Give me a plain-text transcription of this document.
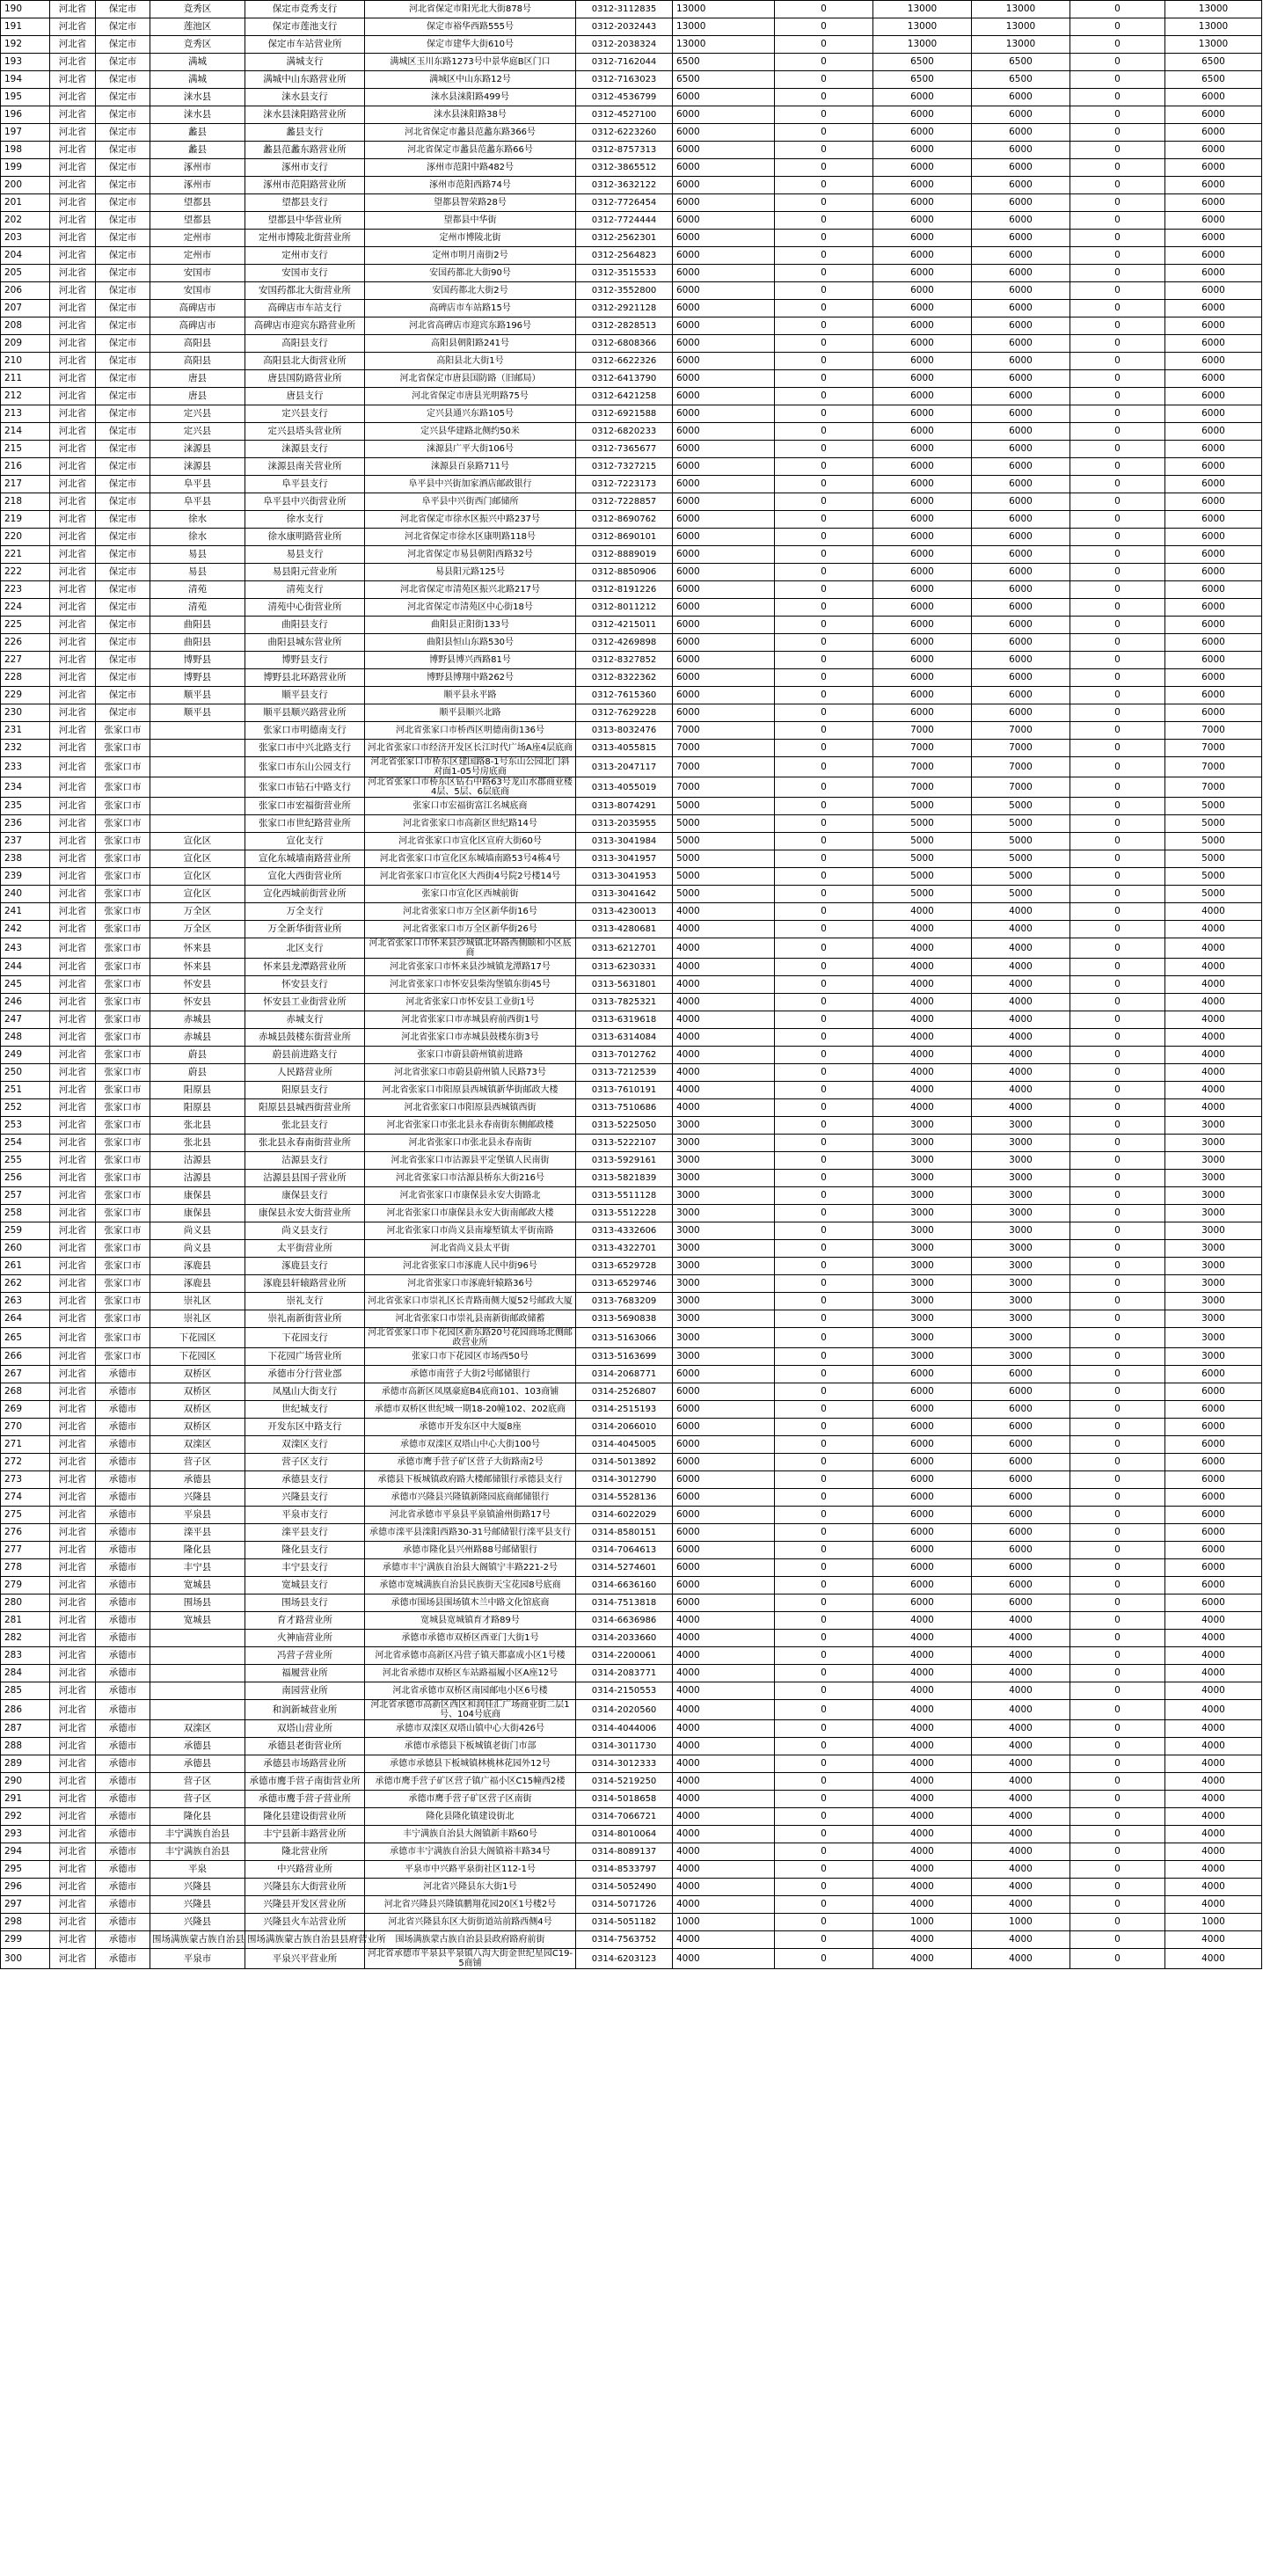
190	河北省	保定市	竞秀区	保定市竞秀支行	河北省保定市阳光北大街878号	0312-3112835	13000	0	13000	13000	0	13000
191	河北省	保定市	莲池区	保定市莲池支行	保定市裕华西路555号	0312-2032443	13000	0	13000	13000	0	13000
192	河北省	保定市	竞秀区	保定市车站营业所	保定市建华大街610号	0312-2038324	13000	0	13000	13000	0	13000
193	河北省	保定市	满城	满城支行	满城区玉川东路1273号中景华庭B区门口	0312-7162044	6500	0	6500	6500	0	6500
194	河北省	保定市	满城	满城中山东路营业所	满城区中山东路12号	0312-7163023	6500	0	6500	6500	0	6500
195	河北省	保定市	涞水县	涞水县支行	涞水县涞阳路499号	0312-4536799	6000	0	6000	6000	0	6000
196	河北省	保定市	涞水县	涞水县涞阳路营业所	涞水县涞阳路38号	0312-4527100	6000	0	6000	6000	0	6000
197	河北省	保定市	蠡县	蠡县支行	河北省保定市蠡县范蠡东路366号	0312-6223260	6000	0	6000	6000	0	6000
198	河北省	保定市	蠡县	蠡县范蠡东路营业所	河北省保定市蠡县范蠡东路66号	0312-8757313	6000	0	6000	6000	0	6000
199	河北省	保定市	涿州市	涿州市支行	涿州市范阳中路482号	0312-3865512	6000	0	6000	6000	0	6000
200	河北省	保定市	涿州市	涿州市范阳路营业所	涿州市范阳西路74号	0312-3632122	6000	0	6000	6000	0	6000
201	河北省	保定市	望都县	望都县支行	望都县智荣路28号	0312-7726454	6000	0	6000	6000	0	6000
202	河北省	保定市	望都县	望都县中华营业所	望都县中华街	0312-7724444	6000	0	6000	6000	0	6000
203	河北省	保定市	定州市	定州市博陵北街营业所	定州市博陵北街	0312-2562301	6000	0	6000	6000	0	6000
204	河北省	保定市	定州市	定州市支行	定州市明月南街2号	0312-2564823	6000	0	6000	6000	0	6000
205	河北省	保定市	安国市	安国市支行	安国药都北大街90号	0312-3515533	6000	0	6000	6000	0	6000
206	河北省	保定市	安国市	安国药都北大街营业所	安国药都北大街2号	0312-3552800	6000	0	6000	6000	0	6000
207	河北省	保定市	高碑店市	高碑店市车站支行	高碑店市车站路15号	0312-2921128	6000	0	6000	6000	0	6000
208	河北省	保定市	高碑店市	高碑店市迎宾东路营业所	河北省高碑店市迎宾东路196号	0312-2828513	6000	0	6000	6000	0	6000
209	河北省	保定市	高阳县	高阳县支行	高阳县朝阳路241号	0312-6808366	6000	0	6000	6000	0	6000
210	河北省	保定市	高阳县	高阳县北大街营业所	高阳县北大街1号	0312-6622326	6000	0	6000	6000	0	6000
211	河北省	保定市	唐县	唐县国防路营业所	河北省保定市唐县国防路（旧邮局）	0312-6413790	6000	0	6000	6000	0	6000
212	河北省	保定市	唐县	唐县支行	河北省保定市唐县光明路75号	0312-6421258	6000	0	6000	6000	0	6000
213	河北省	保定市	定兴县	定兴县支行	定兴县通兴东路105号	0312-6921588	6000	0	6000	6000	0	6000
214	河北省	保定市	定兴县	定兴县塔头营业所	定兴县华建路北侧约50米	0312-6820233	6000	0	6000	6000	0	6000
215	河北省	保定市	涞源县	涞源县支行	涞源县广平大街106号	0312-7365677	6000	0	6000	6000	0	6000
216	河北省	保定市	涞源县	涞源县南关营业所	涞源县百泉路711号	0312-7327215	6000	0	6000	6000	0	6000
217	河北省	保定市	阜平县	阜平县支行	阜平县中兴街加家酒店邮政银行	0312-7223173	6000	0	6000	6000	0	6000
218	河北省	保定市	阜平县	阜平县中兴街营业所	阜平县中兴街西门邮储所	0312-7228857	6000	0	6000	6000	0	6000
219	河北省	保定市	徐水	徐水支行	河北省保定市徐水区振兴中路237号	0312-8690762	6000	0	6000	6000	0	6000
220	河北省	保定市	徐水	徐水康明路营业所	河北省保定市徐水区康明路118号	0312-8690101	6000	0	6000	6000	0	6000
221	河北省	保定市	易县	易县支行	河北省保定市易县朝阳西路32号	0312-8889019	6000	0	6000	6000	0	6000
222	河北省	保定市	易县	易县阳元营业所	易县阳元路125号	0312-8850906	6000	0	6000	6000	0	6000
223	河北省	保定市	清苑	清苑支行	河北省保定市清苑区振兴北路217号	0312-8191226	6000	0	6000	6000	0	6000
224	河北省	保定市	清苑	清苑中心街营业所	河北省保定市清苑区中心街18号	0312-8011212	6000	0	6000	6000	0	6000
225	河北省	保定市	曲阳县	曲阳县支行	曲阳县正阳街133号	0312-4215011	6000	0	6000	6000	0	6000
226	河北省	保定市	曲阳县	曲阳县城东营业所	曲阳县恒山东路530号	0312-4269898	6000	0	6000	6000	0	6000
227	河北省	保定市	博野县	博野县支行	博野县博兴西路81号	0312-8327852	6000	0	6000	6000	0	6000
228	河北省	保定市	博野县	博野县北环路营业所	博野县博翔中路262号	0312-8322362	6000	0	6000	6000	0	6000
229	河北省	保定市	顺平县	顺平县支行	顺平县永平路	0312-7615360	6000	0	6000	6000	0	6000
230	河北省	保定市	顺平县	顺平县顺兴路营业所	顺平县顺兴北路	0312-7629228	6000	0	6000	6000	0	6000
231	河北省	张家口市		张家口市明德南支行	河北省张家口市桥西区明德南街136号	0313-8032476	7000	0	7000	7000	0	7000
232	河北省	张家口市		张家口市中兴北路支行	河北省张家口市经济开发区长江时代广场A座4层底商	0313-4055815	7000	0	7000	7000	0	7000
233	河北省	张家口市		张家口市东山公园支行	河北省张家口市桥东区建国路8-1号东山公园北门斜对面1-05号房底商	0313-2047117	7000	0	7000	7000	0	7000
234	河北省	张家口市		张家口市钻石中路支行	河北省张家口市桥东区钻石中路63号龙山水郡商业楼4层、5层、6层底商	0313-4055019	7000	0	7000	7000	0	7000
235	河北省	张家口市		张家口市宏福街营业所	张家口市宏福街富江名城底商	0313-8074291	5000	0	5000	5000	0	5000
236	河北省	张家口市		张家口市世纪路营业所	河北省张家口市高新区世纪路14号	0313-2035955	5000	0	5000	5000	0	5000
237	河北省	张家口市	宣化区	宣化支行	河北省张家口市宣化区宣府大街60号	0313-3041984	5000	0	5000	5000	0	5000
238	河北省	张家口市	宣化区	宣化东城墙南路营业所	河北省张家口市宣化区东城墙南路53号4栋4号	0313-3041957	5000	0	5000	5000	0	5000
239	河北省	张家口市	宣化区	宣化大西街营业所	河北省张家口市宣化区大西街4号院2号楼14号	0313-3041953	5000	0	5000	5000	0	5000
240	河北省	张家口市	宣化区	宣化西城前街营业所	张家口市宣化区西城前街	0313-3041642	5000	0	5000	5000	0	5000
241	河北省	张家口市	万全区	万全支行	河北省张家口市万全区新华街16号	0313-4230013	4000	0	4000	4000	0	4000
242	河北省	张家口市	万全区	万全新华街营业所	河北省张家口市万全区新华街26号	0313-4280681	4000	0	4000	4000	0	4000
243	河北省	张家口市	怀来县	北区支行	河北省张家口市怀来县沙城镇北环路西侧颐和小区底商	0313-6212701	4000	0	4000	4000	0	4000
244	河北省	张家口市	怀来县	怀来县龙潭路营业所	河北省张家口市怀来县沙城镇龙潭路17号	0313-6230331	4000	0	4000	4000	0	4000
245	河北省	张家口市	怀安县	怀安县支行	河北省张家口市怀安县柴沟堡镇东街45号	0313-5631801	4000	0	4000	4000	0	4000
246	河北省	张家口市	怀安县	怀安县工业街营业所	河北省张家口市怀安县工业街1号	0313-7825321	4000	0	4000	4000	0	4000
247	河北省	张家口市	赤城县	赤城支行	河北省张家口市赤城县府前西街1号	0313-6319618	4000	0	4000	4000	0	4000
248	河北省	张家口市	赤城县	赤城县鼓楼东街营业所	河北省张家口市赤城县鼓楼东街3号	0313-6314084	4000	0	4000	4000	0	4000
249	河北省	张家口市	蔚县	蔚县前进路支行	张家口市蔚县蔚州镇前进路	0313-7012762	4000	0	4000	4000	0	4000
250	河北省	张家口市	蔚县	人民路营业所	河北省张家口市蔚县蔚州镇人民路73号	0313-7212539	4000	0	4000	4000	0	4000
251	河北省	张家口市	阳原县	阳原县支行	河北省张家口市阳原县西城镇新华街邮政大楼	0313-7610191	4000	0	4000	4000	0	4000
252	河北省	张家口市	阳原县	阳原县县城西街营业所	河北省张家口市阳原县西城镇西街	0313-7510686	4000	0	4000	4000	0	4000
253	河北省	张家口市	张北县	张北县支行	河北省张家口市张北县永春南街东侧邮政楼	0313-5225050	3000	0	3000	3000	0	3000
254	河北省	张家口市	张北县	张北县永春南街营业所	河北省张家口市张北县永春南街	0313-5222107	3000	0	3000	3000	0	3000
255	河北省	张家口市	沽源县	沽源县支行	河北省张家口市沽源县平定堡镇人民南街	0313-5929161	3000	0	3000	3000	0	3000
256	河北省	张家口市	沽源县	沽源县县国子营业所	河北省张家口市沽源县桥东大街216号	0313-5821839	3000	0	3000	3000	0	3000
257	河北省	张家口市	康保县	康保县支行	河北省张家口市康保县永安大街路北	0313-5511128	3000	0	3000	3000	0	3000
258	河北省	张家口市	康保县	康保县永安大街营业所	河北省张家口市康保县永安大街南邮政大楼	0313-5512228	3000	0	3000	3000	0	3000
259	河北省	张家口市	尚义县	尚义县支行	河北省张家口市尚义县南壕堑镇太平街南路	0313-4332606	3000	0	3000	3000	0	3000
260	河北省	张家口市	尚义县	太平街营业所	河北省尚义县太平街	0313-4322701	3000	0	3000	3000	0	3000
261	河北省	张家口市	涿鹿县	涿鹿县支行	河北省张家口市涿鹿人民中街96号	0313-6529728	3000	0	3000	3000	0	3000
262	河北省	张家口市	涿鹿县	涿鹿县轩辕路营业所	河北省张家口市涿鹿轩辕路36号	0313-6529746	3000	0	3000	3000	0	3000
263	河北省	张家口市	崇礼区	崇礼支行	河北省张家口市崇礼区长青路南侧大厦52号邮政大厦	0313-7683209	3000	0	3000	3000	0	3000
264	河北省	张家口市	崇礼区	崇礼南新街营业所	河北省张家口市崇礼县南新街邮政储蓄	0313-5690838	3000	0	3000	3000	0	3000
265	河北省	张家口市	下花园区	下花园支行	河北省张家口市下花园区新东路20号花园商场北侧邮政营业所	0313-5163066	3000	0	3000	3000	0	3000
266	河北省	张家口市	下花园区	下花园广场营业所	张家口市下花园区市场西50号	0313-5163699	3000	0	3000	3000	0	3000
267	河北省	承德市	双桥区	承德市分行营业部	承德市南营子大街2号邮储银行	0314-2068771	6000	0	6000	6000	0	6000
268	河北省	承德市	双桥区	凤凰山大街支行	承德市高新区凤凰豪庭B4底商101、103商铺	0314-2526807	6000	0	6000	6000	0	6000
269	河北省	承德市	双桥区	世纪城支行	承德市双桥区世纪城一期18-20幢102、202底商	0314-2515193	6000	0	6000	6000	0	6000
270	河北省	承德市	双桥区	开发东区中路支行	承德市开发东区中大厦8座	0314-2066010	6000	0	6000	6000	0	6000
271	河北省	承德市	双滦区	双滦区支行	承德市双滦区双塔山中心大街100号	0314-4045005	6000	0	6000	6000	0	6000
272	河北省	承德市	营子区	营子区支行	承德市鹰手营子矿区营子大街路南2号	0314-5013892	6000	0	6000	6000	0	6000
273	河北省	承德市	承德县	承德县支行	承德县下板城镇政府路大楼邮储银行承德县支行	0314-3012790	6000	0	6000	6000	0	6000
274	河北省	承德市	兴隆县	兴隆县支行	承德市兴隆县兴隆镇新隆园底商邮储银行	0314-5528136	6000	0	6000	6000	0	6000
275	河北省	承德市	平泉县	平泉市支行	河北省承德市平泉县平泉镇渝州街路17号	0314-6022029	6000	0	6000	6000	0	6000
276	河北省	承德市	滦平县	滦平县支行	承德市滦平县滦阳西路30-31号邮储银行滦平县支行	0314-8580151	6000	0	6000	6000	0	6000
277	河北省	承德市	隆化县	隆化县支行	承德市隆化县兴州路88号邮储银行	0314-7064613	6000	0	6000	6000	0	6000
278	河北省	承德市	丰宁县	丰宁县支行	承德市丰宁满族自治县大阁镇宁丰路221-2号	0314-5274601	6000	0	6000	6000	0	6000
279	河北省	承德市	宽城县	宽城县支行	承德市宽城满族自治县民族街天宝花园8号底商	0314-6636160	6000	0	6000	6000	0	6000
280	河北省	承德市	围场县	围场县支行	承德市围场县围场镇木兰中路文化馆底商	0314-7513818	6000	0	6000	6000	0	6000
281	河北省	承德市	宽城县	育才路营业所	宽城县宽城镇育才路89号	0314-6636986	4000	0	4000	4000	0	4000
282	河北省	承德市		火神庙营业所	承德市承德市双桥区西亚门大街1号	0314-2033660	4000	0	4000	4000	0	4000
283	河北省	承德市		冯营子营业所	河北省承德市高新区冯营子镇天都嘉成小区1号楼	0314-2200061	4000	0	4000	4000	0	4000
284	河北省	承德市		福履营业所	河北省承德市双桥区车站路福履小区A座12号	0314-2083771	4000	0	4000	4000	0	4000
285	河北省	承德市		南园营业所	河北省承德市双桥区南园邮电小区6号楼	0314-2150553	4000	0	4000	4000	0	4000
286	河北省	承德市		和润新城营业所	河北省承德市高新区西区和润佳汇广场商业街二层1号、104号底商	0314-2020560	4000	0	4000	4000	0	4000
287	河北省	承德市	双滦区	双塔山营业所	承德市双滦区双塔山镇中心大街426号	0314-4044006	4000	0	4000	4000	0	4000
288	河北省	承德市	承德县	承德县老街营业所	承德市承德县下板城镇老街门市部	0314-3011730	4000	0	4000	4000	0	4000
289	河北省	承德市	承德县	承德县市场路营业所	承德市承德县下板城镇林桃林花园外12号	0314-3012333	4000	0	4000	4000	0	4000
290	河北省	承德市	营子区	承德市鹰手营子南街营业所	承德市鹰手营子矿区营子镇广福小区C15幢西2楼	0314-5219250	4000	0	4000	4000	0	4000
291	河北省	承德市	营子区	承德市鹰手营子营业所	承德市鹰手营子矿区营子区南街	0314-5018658	4000	0	4000	4000	0	4000
292	河北省	承德市	隆化县	隆化县建设街营业所	隆化县隆化镇建设街北	0314-7066721	4000	0	4000	4000	0	4000
293	河北省	承德市	丰宁满族自治县	丰宁县新丰路营业所	丰宁满族自治县大阁镇新丰路60号	0314-8010064	4000	0	4000	4000	0	4000
294	河北省	承德市	丰宁满族自治县	隆北营业所	承德市丰宁满族自治县大阁镇裕丰路34号	0314-8089137	4000	0	4000	4000	0	4000
295	河北省	承德市	平泉	中兴路营业所	平泉市中兴路平泉街社区112-1号	0314-8533797	4000	0	4000	4000	0	4000
296	河北省	承德市	兴隆县	兴隆县东大街营业所	河北省兴隆县东大街1号	0314-5052490	4000	0	4000	4000	0	4000
297	河北省	承德市	兴隆县	兴隆县开发区营业所	河北省兴隆县兴隆镇鹏翔花园20区1号楼2号	0314-5071726	4000	0	4000	4000	0	4000
298	河北省	承德市	兴隆县	兴隆县火车站营业所	河北省兴隆县东区大街街道站前路西侧4号	0314-5051182	1000	0	1000	1000	0	1000
299	河北省	承德市	围场满族蒙古族自治县	围场满族蒙古族自治县县府营业所	围场满族蒙古族自治县县政府路府前街	0314-7563752	4000	0	4000	4000	0	4000
300	河北省	承德市	平泉市	平泉兴平营业所	河北省承德市平泉县平泉镇八沟大街金世纪星园C19-5商铺	0314-6203123	4000	0	4000	4000	0	4000
